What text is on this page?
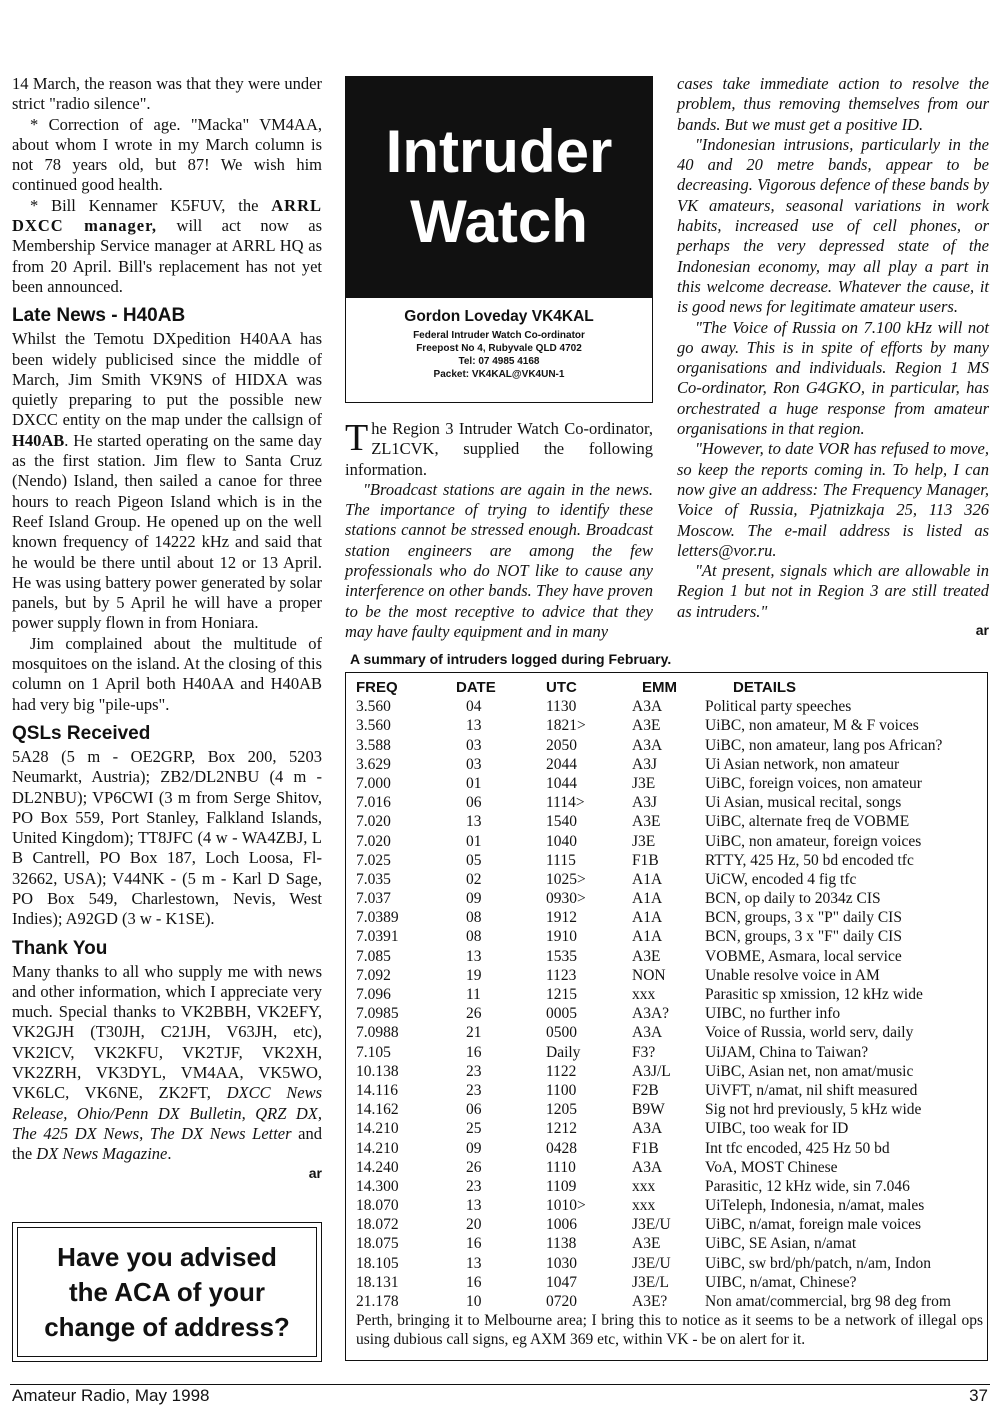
14 March, the reason was that they were under strict "radio silence".

* Correction of age. "Macka" VM4AA, about whom I wrote in my March column is not 78 years old, but 87! We wish him continued good health.

* Bill Kennamer K5FUV, the ARRL DXCC manager, will act now as Membership Service manager at ARRL HQ as from 20 April. Bill's replacement has not yet been announced.

Late News - H40AB

Whilst the Temotu DXpedition H40AA has been widely publicised since the middle of March, Jim Smith VK9NS of HIDXA was quietly preparing to put the possible new DXCC entity on the map under the callsign of H40AB. He started operating on the same day as the first station. Jim flew to Santa Cruz (Nendo) Island, then sailed a canoe for three hours to reach Pigeon Island which is in the Reef Island Group. He opened up on the well known frequency of 14222 kHz and said that he would be there until about 12 or 13 April. He was using battery power generated by solar panels, but by 5 April he will have a proper power supply flown in from Honiara.

Jim complained about the multitude of mosquitoes on the island. At the closing of this column on 1 April both H40AA and H40AB had very big "pile-ups".

QSLs Received

5A28 (5 m - OE2GRP, Box 200, 5203 Neumarkt, Austria); ZB2/DL2NBU (4 m - DL2NBU); VP6CWI (3 m from Serge Shitov, PO Box 559, Port Stanley, Falkland Islands, United Kingdom); TT8JFC (4 w - WA4ZBJ, L B Cantrell, PO Box 187, Loch Loosa, Fl-32662, USA); V44NK - (5 m - Karl D Sage, PO Box 549, Charlestown, Nevis, West Indies); A92GD (3 w - K1SE).

Thank You

Many thanks to all who supply me with news and other information, which I appreciate very much. Special thanks to VK2BBH, VK2EFY, VK2GJH (T30JH, C21JH, V63JH, etc), VK2ICV, VK2KFU, VK2TJF, VK2XH, VK2ZRH, VK3DYL, VM4AA, VK5WO, VK6LC, VK6NE, ZK2FT, DXCC News Release, Ohio/Penn DX Bulletin, QRZ DX, The 425 DX News, The DX News Letter and the DX News Magazine.

ar
Intruder
Watch
Gordon Loveday VK4KAL
Federal Intruder Watch Co-ordinator
Freepost No 4, Rubyvale QLD 4702
Tel: 07 4985 4168
Packet: VK4KAL@VK4UN-1

The Region 3 Intruder Watch Co-ordinator, ZL1CVK, supplied the following information.

"Broadcast stations are again in the news. The importance of trying to identify these stations cannot be stressed enough. Broadcast station engineers are among the few professionals who do NOT like to cause any interference on other bands. They have proven to be the most receptive to advice that they may have faulty equipment and in many

cases take immediate action to resolve the problem, thus removing themselves from our bands. But we must get a positive ID.

"Indonesian intrusions, particularly in the 40 and 20 metre bands, appear to be decreasing. Vigorous defence of these bands by VK amateurs, seasonal variations in work habits, increased use of cell phones, or perhaps the very depressed state of the Indonesian economy, may all play a part in this welcome decrease. Whatever the cause, it is good news for legitimate amateur users.

"The Voice of Russia on 7.100 kHz will not go away. This is in spite of efforts by many organisations and individuals. Region 1 MS Co-ordinator, Ron G4GKO, in particular, has orchestrated a huge response from amateur organisations in that region.

"However, to date VOR has refused to move, so keep the reports coming in. To help, I can now give an address: The Frequency Manager, Voice of Russia, Pjatnizkaja 25, 113 326 Moscow. The e-mail address is listed as letters@vor.ru.

"At present, signals which are allowable in Region 1 but not in Region 3 are still treated as intruders."

ar
A summary of intruders logged during February.
FREQ	DATE	UTC	EMM	DETAILS
3.560	04	1130	A3A	Political party speeches
3.560	13	1821>	A3E	UiBC, non amateur, M & F voices
3.588	03	2050	A3A	UiBC, non amateur, lang pos African?
3.629	03	2044	A3J	Ui Asian network, non amateur
7.000	01	1044	J3E	UiBC, foreign voices, non amateur
7.016	06	1114>	A3J	Ui Asian, musical recital, songs
7.020	13	1540	A3E	UiBC, alternate freq de VOBME
7.020	01	1040	J3E	UiBC, non amateur, foreign voices
7.025	05	1115	F1B	RTTY, 425 Hz, 50 bd encoded tfc
7.035	02	1025>	A1A	UiCW, encoded 4 fig tfc
7.037	09	0930>	A1A	BCN, op daily to 2034z CIS
7.0389	08	1912	A1A	BCN, groups, 3 x "P" daily CIS
7.0391	08	1910	A1A	BCN, groups, 3 x "F" daily CIS
7.085	13	1535	A3E	VOBME, Asmara, local service
7.092	19	1123	NON	Unable resolve voice in AM
7.096	11	1215	xxx	Parasitic sp xmission, 12 kHz wide
7.0985	26	0005	A3A?	UIBC, no further info
7.0988	21	0500	A3A	Voice of Russia, world serv, daily
7.105	16	Daily	F3?	UiJAM, China to Taiwan?
10.138	23	1122	A3J/L	UiBC, Asian net, non amat/music
14.116	23	1100	F2B	UiVFT, n/amat, nil shift measured
14.162	06	1205	B9W	Sig not hrd previously, 5 kHz wide
14.210	25	1212	A3A	UIBC, too weak for ID
14.210	09	0428	F1B	Int tfc encoded, 425 Hz 50 bd
14.240	26	1110	A3A	VoA, MOST Chinese
14.300	23	1109	xxx	Parasitic, 12 kHz wide, sin 7.046
18.070	13	1010>	xxx	UiTeleph, Indonesia, n/amat, males
18.072	20	1006	J3E/U	UiBC, n/amat, foreign male voices
18.075	16	1138	A3E	UiBC, SE Asian, n/amat
18.105	13	1030	J3E/U	UiBC, sw brd/ph/patch, n/am, Indon
18.131	16	1047	J3E/L	UIBC, n/amat, Chinese?
21.178	10	0720	A3E?	Non amat/commercial, brg 98 deg from
Perth, bringing it to Melbourne area; I bring this to notice as it seems to be a network of illegal ops using dubious call signs, eg AXM 369 etc, within VK - be on alert for it.
Have you advised
the ACA of your
change of address?
Amateur Radio, May 1998	37
